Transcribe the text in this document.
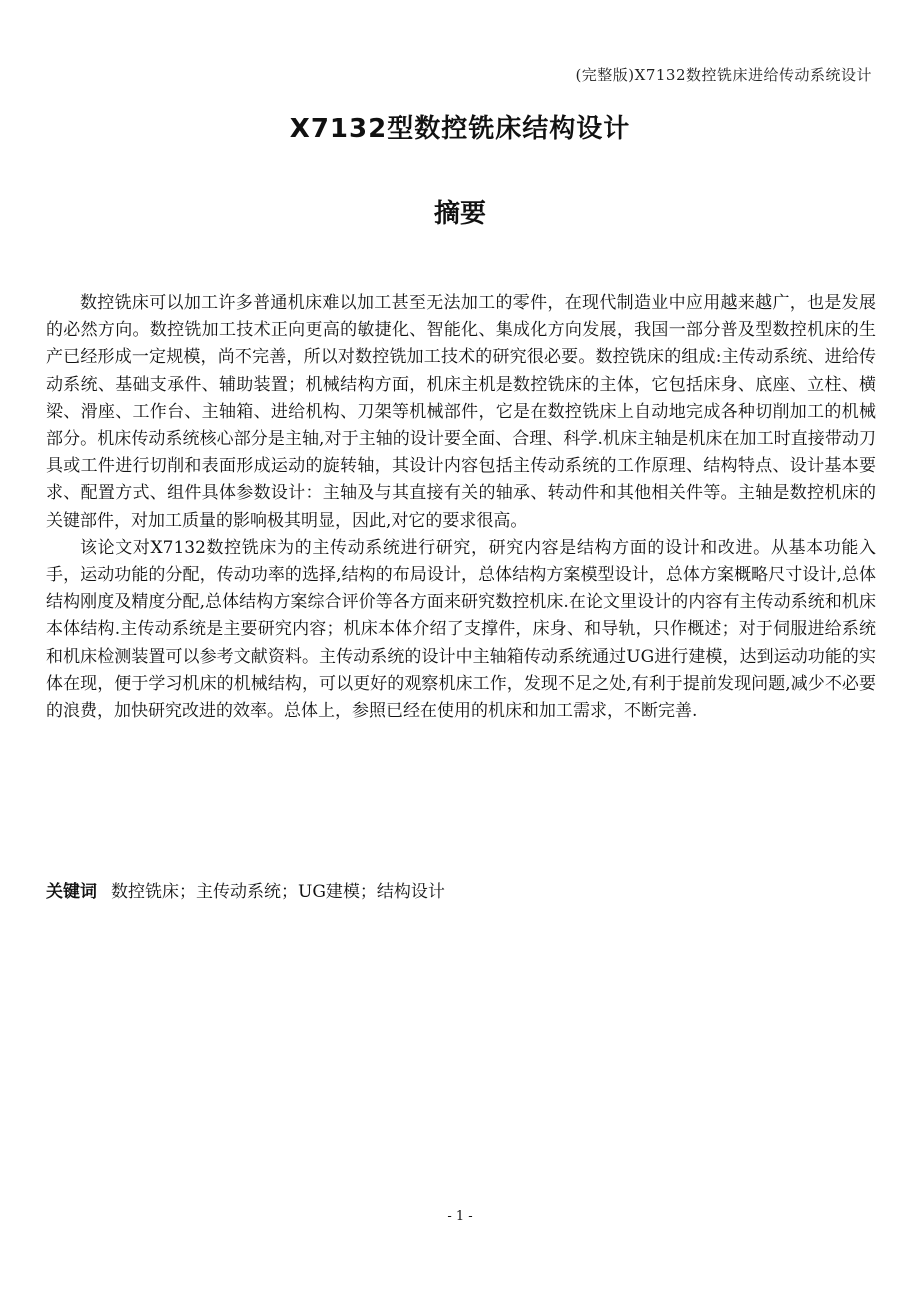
(完整版)X7132数控铣床进给传动系统设计
X7132型数控铣床结构设计
摘要

数控铣床可以加工许多普通机床难以加工甚至无法加工的零件，在现代制造业中应用越来越广，也是发展的必然方向。数控铣加工技术正向更高的敏捷化、智能化、集成化方向发展，我国一部分普及型数控机床的生产已经形成一定规模，尚不完善，所以对数控铣加工技术的研究很必要。数控铣床的组成:主传动系统、进给传动系统、基础支承件、辅助装置；机械结构方面，机床主机是数控铣床的主体，它包括床身、底座、立柱、横梁、滑座、工作台、主轴箱、进给机构、刀架等机械部件，它是在数控铣床上自动地完成各种切削加工的机械部分。机床传动系统核心部分是主轴,对于主轴的设计要全面、合理、科学.机床主轴是机床在加工时直接带动刀具或工件进行切削和表面形成运动的旋转轴，其设计内容包括主传动系统的工作原理、结构特点、设计基本要求、配置方式、组件具体参数设计：主轴及与其直接有关的轴承、转动件和其他相关件等。主轴是数控机床的关键部件，对加工质量的影响极其明显，因此,对它的要求很高。

该论文对X7132数控铣床为的主传动系统进行研究，研究内容是结构方面的设计和改进。从基本功能入手，运动功能的分配，传动功率的选择,结构的布局设计，总体结构方案模型设计，总体方案概略尺寸设计,总体结构刚度及精度分配,总体结构方案综合评价等各方面来研究数控机床.在论文里设计的内容有主传动系统和机床本体结构.主传动系统是主要研究内容；机床本体介绍了支撑件，床身、和导轨，只作概述；对于伺服进给系统和机床检测装置可以参考文献资料。主传动系统的设计中主轴箱传动系统通过UG进行建模，达到运动功能的实体在现，便于学习机床的机械结构，可以更好的观察机床工作，发现不足之处,有利于提前发现问题,减少不必要的浪费，加快研究改进的效率。总体上，参照已经在使用的机床和加工需求，不断完善.

关键词 数控铣床；主传动系统；UG建模；结构设计
- 1 -
